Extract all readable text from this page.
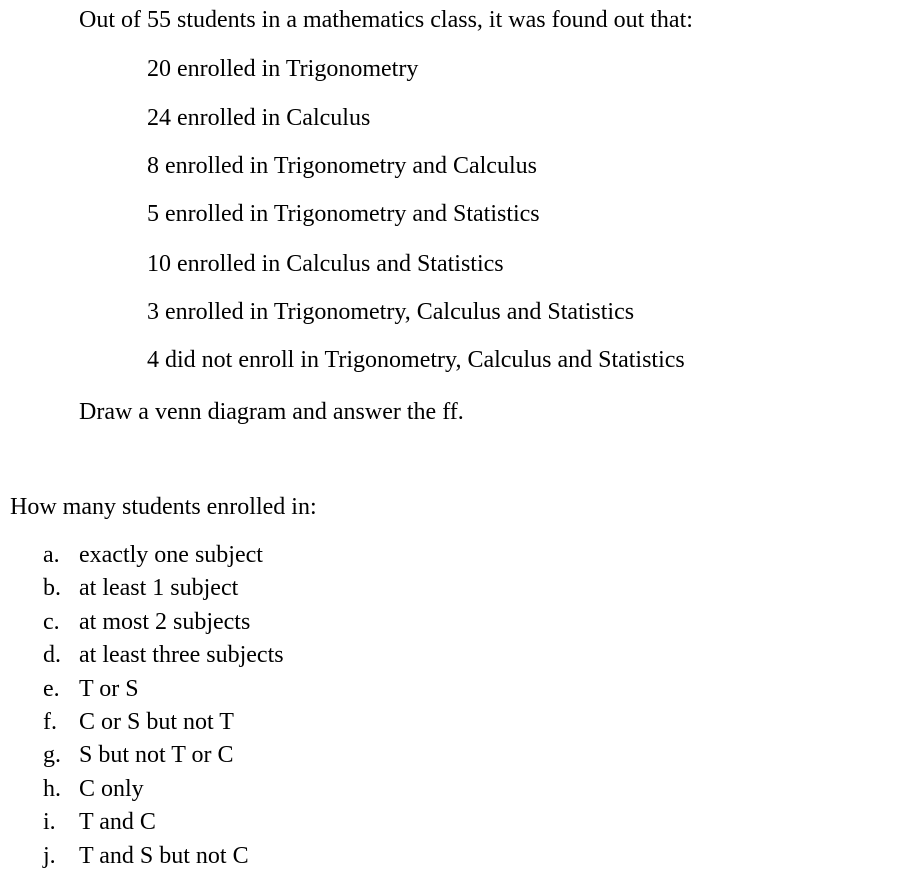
Out of 55 students in a mathematics class, it was found out that:
20 enrolled in Trigonometry
24 enrolled in Calculus
8 enrolled in Trigonometry and Calculus
5 enrolled in Trigonometry and Statistics
10 enrolled in Calculus and Statistics
3 enrolled in Trigonometry, Calculus and Statistics
4 did not enroll in Trigonometry, Calculus and Statistics
Draw a venn diagram and answer the ff.
How many students enrolled in:
a. exactly one subject
b. at least 1 subject
c. at most 2 subjects
d. at least three subjects
e. T or S
f. C or S but not T
g. S but not T or C
h. C only
i. T and C
j. T and S but not C
